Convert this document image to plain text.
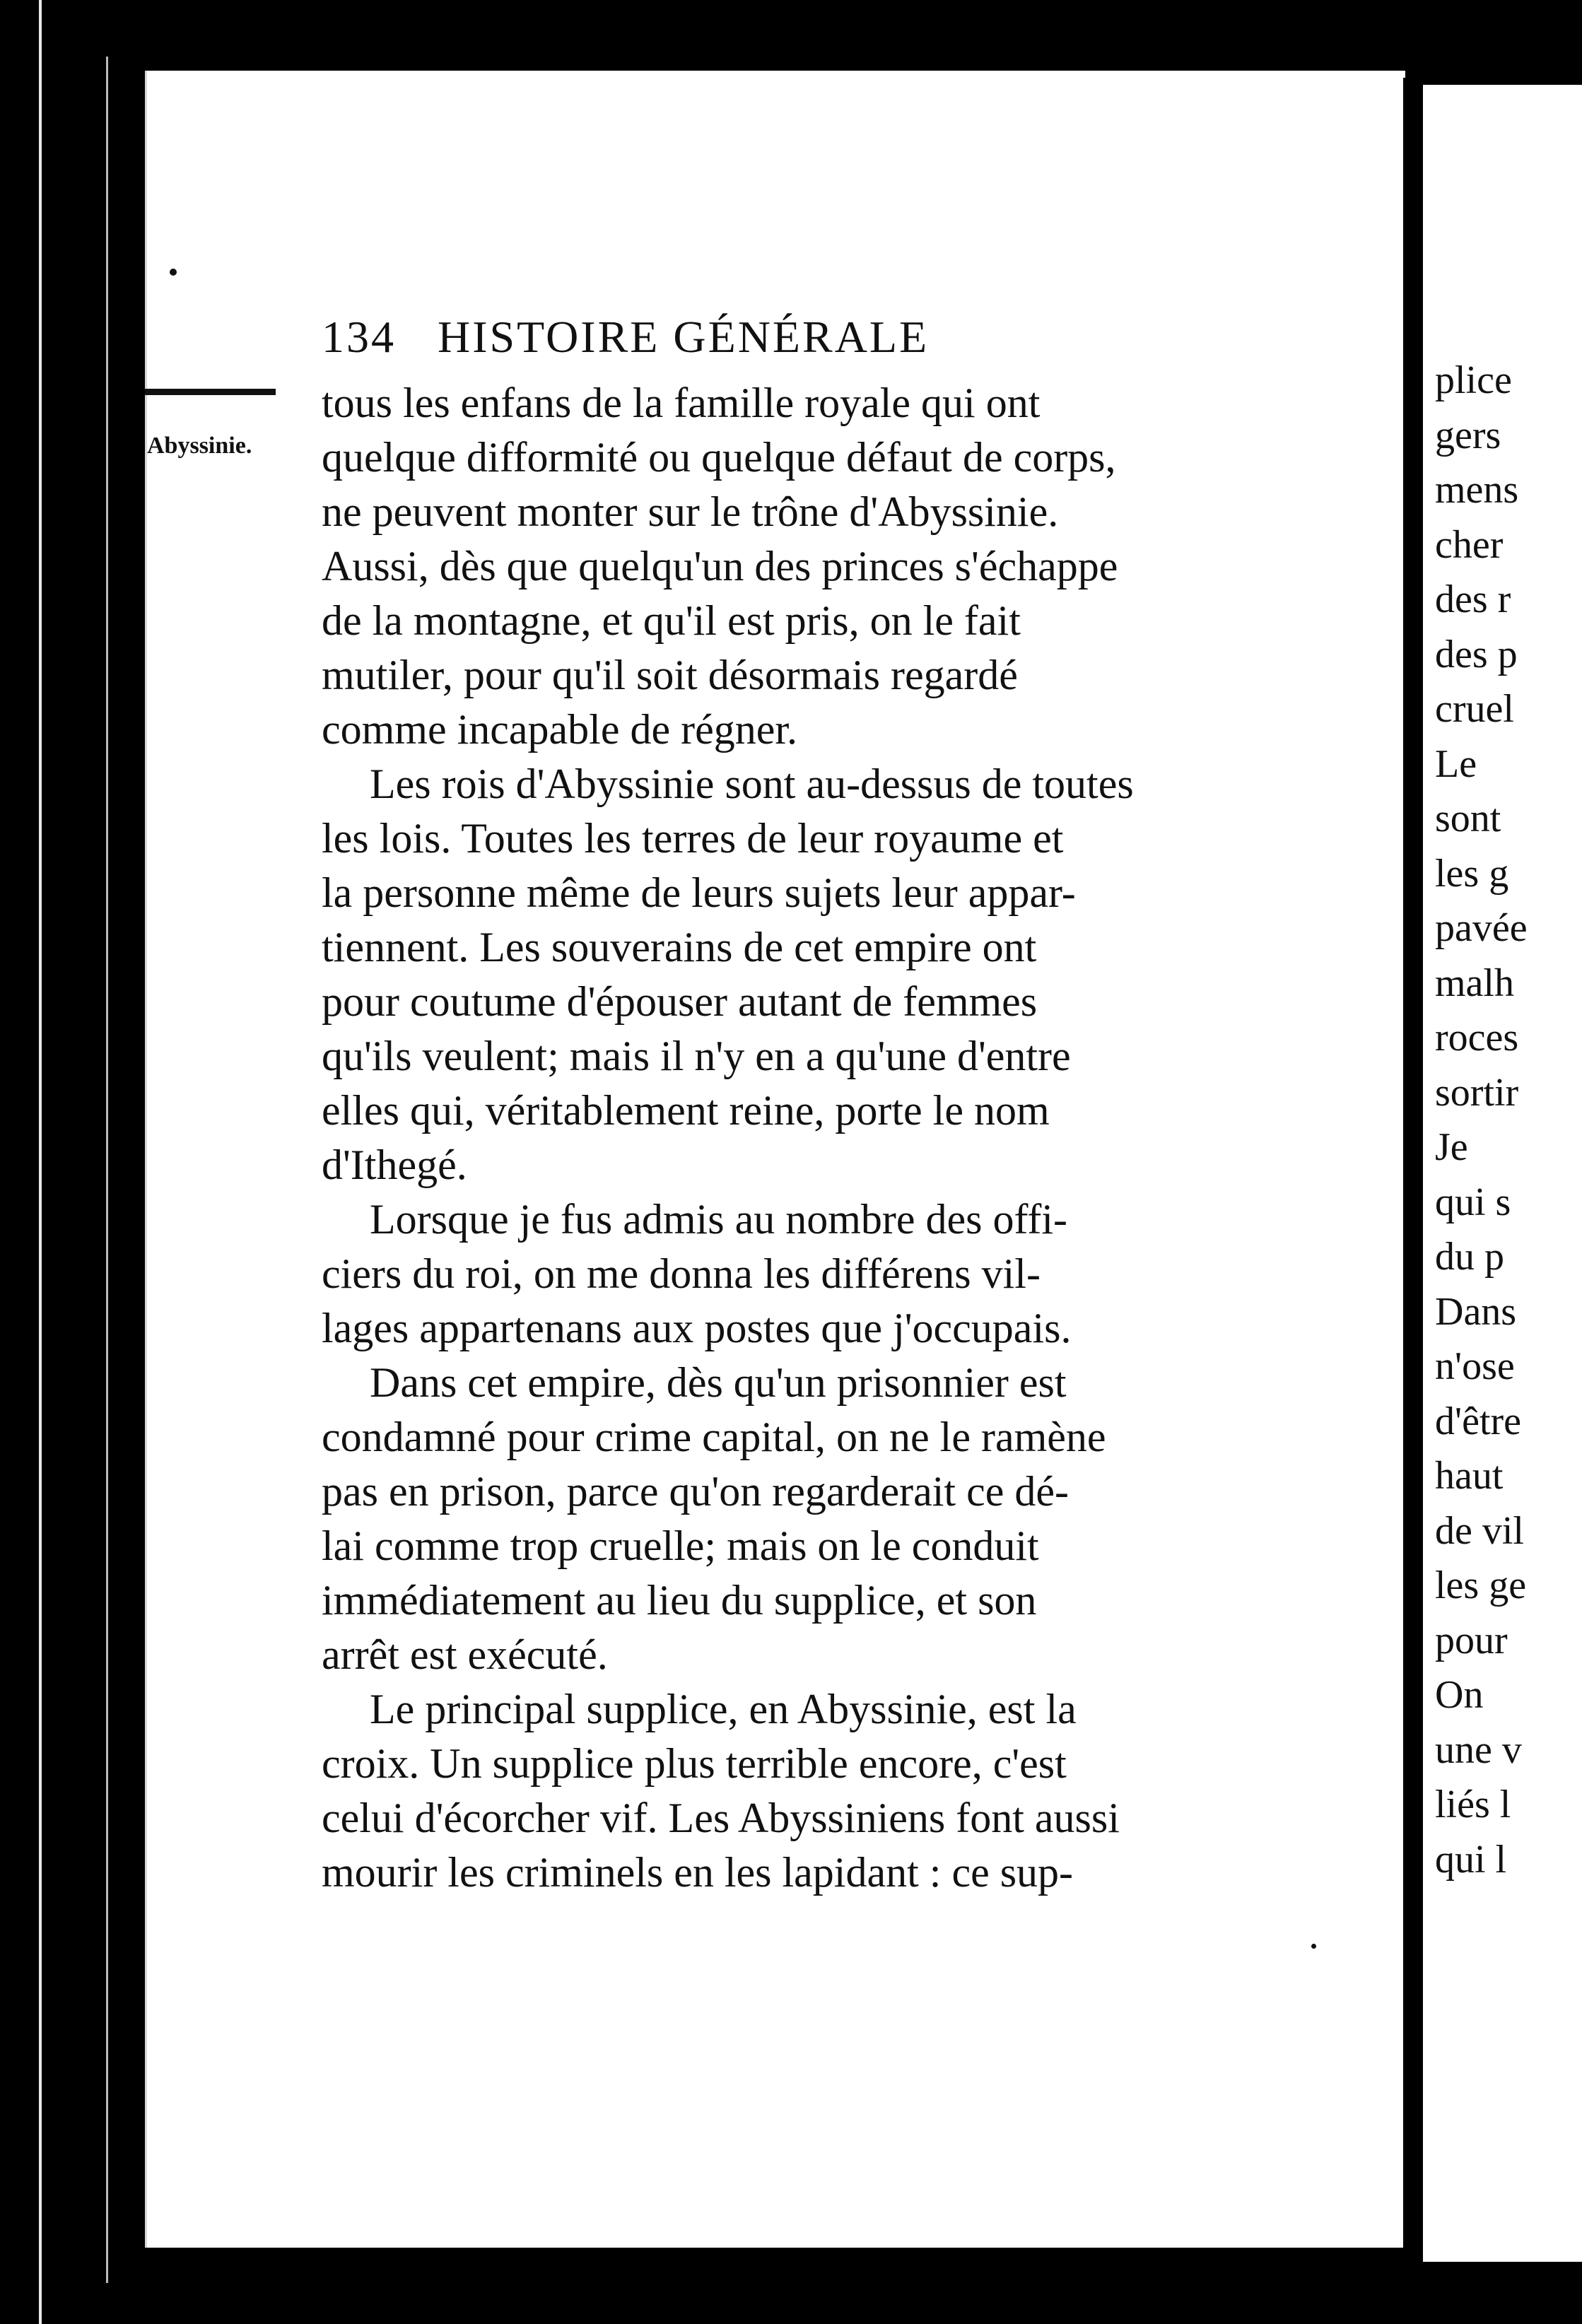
134 HISTOIRE GÉNÉRALE
Abyssinie.
tous les enfans de la famille royale qui ont
quelque difformité ou quelque défaut de corps,
ne peuvent monter sur le trône d'Abyssinie.
Aussi, dès que quelqu'un des princes s'échappe
de la montagne, et qu'il est pris, on le fait
mutiler, pour qu'il soit désormais regardé
comme incapable de régner.
Les rois d'Abyssinie sont au-dessus de toutes
les lois. Toutes les terres de leur royaume et
la personne même de leurs sujets leur appar-
tiennent. Les souverains de cet empire ont
pour coutume d'épouser autant de femmes
qu'ils veulent; mais il n'y en a qu'une d'entre
elles qui, véritablement reine, porte le nom
d'Ithegé.
Lorsque je fus admis au nombre des offi-
ciers du roi, on me donna les différens vil-
lages appartenans aux postes que j'occupais.
Dans cet empire, dès qu'un prisonnier est
condamné pour crime capital, on ne le ramène
pas en prison, parce qu'on regarderait ce dé-
lai comme trop cruelle; mais on le conduit
immédiatement au lieu du supplice, et son
arrêt est exécuté.
Le principal supplice, en Abyssinie, est la
croix. Un supplice plus terrible encore, c'est
celui d'écorcher vif. Les Abyssiniens font aussi
mourir les criminels en les lapidant : ce sup-
plice
gers
mens
cher
des r
des p
cruel
Le
sont
les g
pavée
malh
roces
sortir
Je
qui s
du p
Dans
n'ose
d'être
haut
de vil
les ge
pour
On
une v
liés l
qui l
